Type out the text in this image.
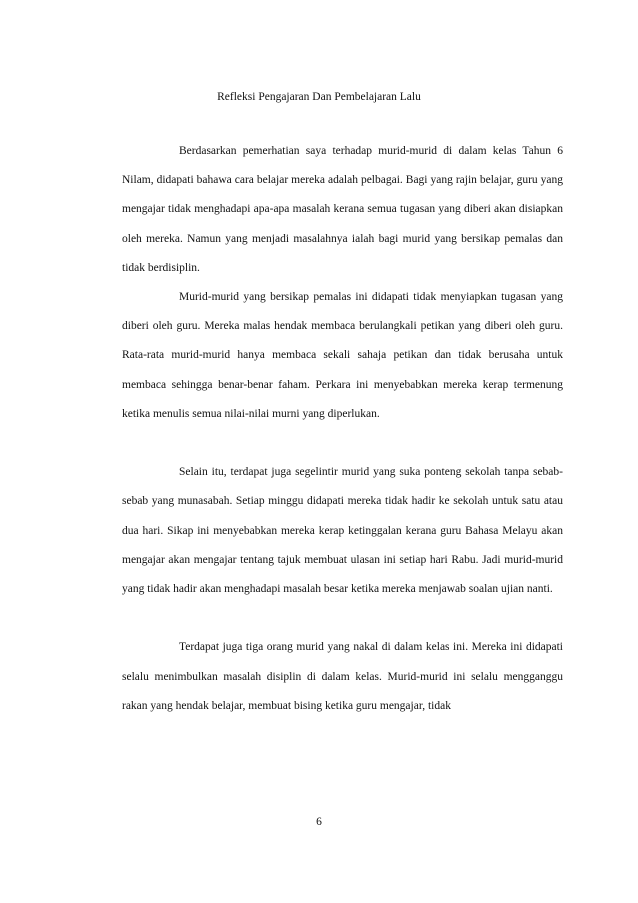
Refleksi Pengajaran Dan Pembelajaran Lalu

Berdasarkan pemerhatian saya terhadap murid-murid di dalam kelas Tahun 6 Nilam, didapati bahawa cara belajar mereka adalah pelbagai. Bagi yang rajin belajar, guru yang mengajar tidak menghadapi apa-apa masalah kerana semua tugasan yang diberi akan disiapkan oleh mereka. Namun yang menjadi masalahnya ialah bagi murid yang bersikap pemalas dan tidak berdisiplin.

Murid-murid yang bersikap pemalas ini didapati tidak menyiapkan tugasan yang diberi oleh guru. Mereka malas hendak membaca berulangkali petikan yang diberi oleh guru. Rata-rata murid-murid hanya membaca sekali sahaja petikan dan tidak berusaha untuk membaca sehingga benar-benar faham. Perkara ini menyebabkan mereka kerap termenung ketika menulis semua nilai-nilai murni yang diperlukan.

Selain itu, terdapat juga segelintir murid yang suka ponteng sekolah tanpa sebab-sebab yang munasabah. Setiap minggu didapati mereka tidak hadir ke sekolah untuk satu atau dua hari. Sikap ini menyebabkan mereka kerap ketinggalan kerana guru Bahasa Melayu akan mengajar akan mengajar tentang tajuk membuat ulasan ini setiap hari Rabu. Jadi murid-murid yang tidak hadir akan menghadapi masalah besar ketika mereka menjawab soalan ujian nanti.

Terdapat juga tiga orang murid yang nakal di dalam kelas ini. Mereka ini didapati selalu menimbulkan masalah disiplin di dalam kelas. Murid-murid ini selalu mengganggu rakan yang hendak belajar, membuat bising ketika guru mengajar, tidak

6
